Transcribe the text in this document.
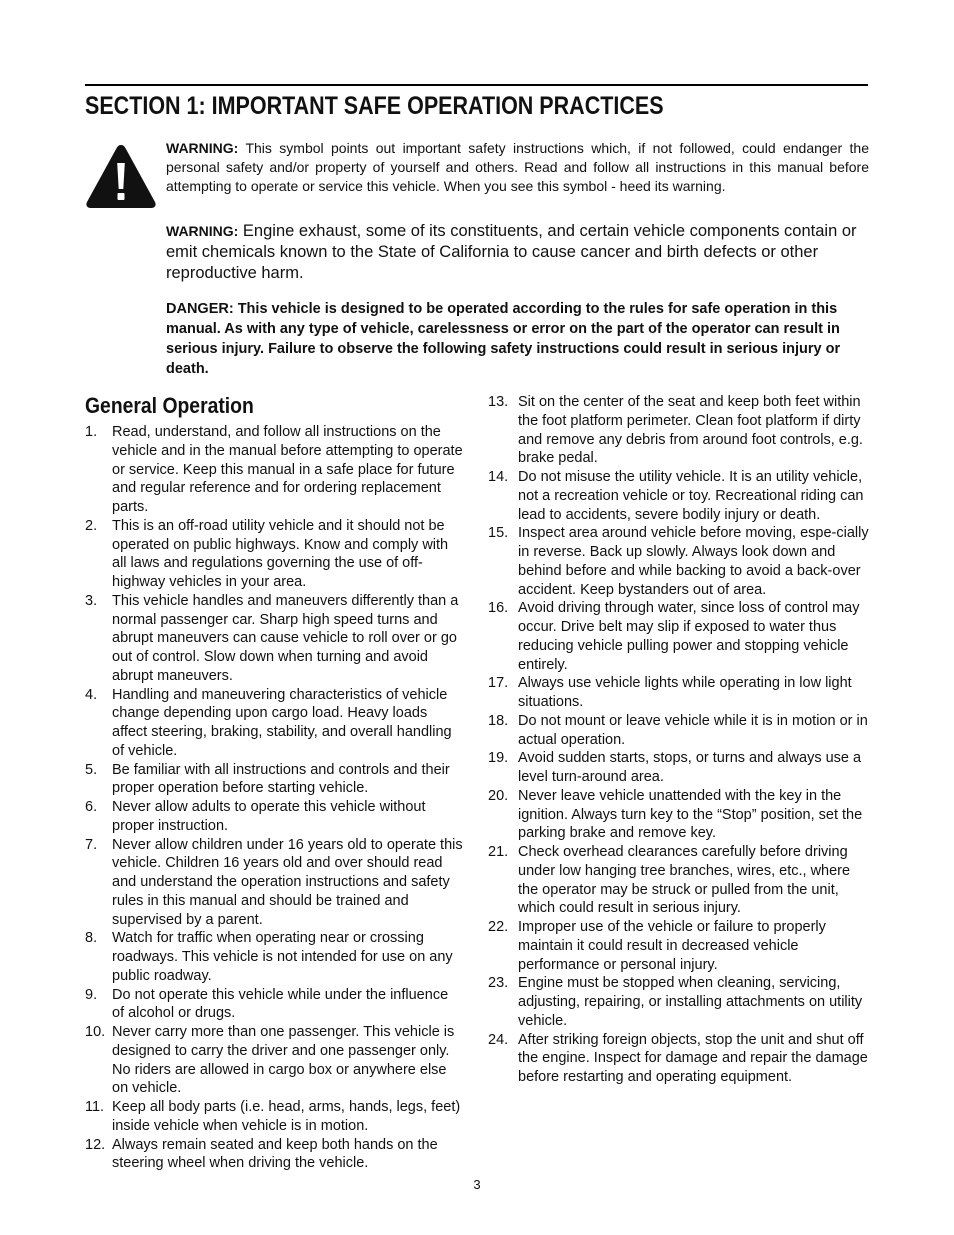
SECTION 1: IMPORTANT SAFE OPERATION PRACTICES

WARNING: This symbol points out important safety instructions which, if not followed, could endanger the personal safety and/or property of yourself and others. Read and follow all instructions in this manual before attempting to operate or service this vehicle. When you see this symbol - heed its warning.

WARNING: Engine exhaust, some of its constituents, and certain vehicle components contain or emit chemicals known to the State of California to cause cancer and birth defects or other reproductive harm.

DANGER: This vehicle is designed to be operated according to the rules for safe operation in this manual. As with any type of vehicle, carelessness or error on the part of the operator can result in serious injury. Failure to observe the following safety instructions could result in serious injury or death.

General Operation
1. Read, understand, and follow all instructions on the vehicle and in the manual before attempting to operate or service. Keep this manual in a safe place for future and regular reference and for ordering replacement parts.
2. This is an off-road utility vehicle and it should not be operated on public highways. Know and comply with all laws and regulations governing the use of off-highway vehicles in your area.
3. This vehicle handles and maneuvers differently than a normal passenger car. Sharp high speed turns and abrupt maneuvers can cause vehicle to roll over or go out of control. Slow down when turning and avoid abrupt maneuvers.
4. Handling and maneuvering characteristics of vehicle change depending upon cargo load. Heavy loads affect steering, braking, stability, and overall handling of vehicle.
5. Be familiar with all instructions and controls and their proper operation before starting vehicle.
6. Never allow adults to operate this vehicle without proper instruction.
7. Never allow children under 16 years old to operate this vehicle. Children 16 years old and over should read and understand the operation instructions and safety rules in this manual and should be trained and supervised by a parent.
8. Watch for traffic when operating near or crossing roadways. This vehicle is not intended for use on any public roadway.
9. Do not operate this vehicle while under the influence of alcohol or drugs.
10. Never carry more than one passenger. This vehicle is designed to carry the driver and one passenger only. No riders are allowed in cargo box or anywhere else on vehicle.
11. Keep all body parts (i.e. head, arms, hands, legs, feet) inside vehicle when vehicle is in motion.
12. Always remain seated and keep both hands on the steering wheel when driving the vehicle.
13. Sit on the center of the seat and keep both feet within the foot platform perimeter. Clean foot platform if dirty and remove any debris from around foot controls, e.g. brake pedal.
14. Do not misuse the utility vehicle. It is an utility vehicle, not a recreation vehicle or toy. Recreational riding can lead to accidents, severe bodily injury or death.
15. Inspect area around vehicle before moving, espe-cially in reverse. Back up slowly. Always look down and behind before and while backing to avoid a back-over accident. Keep bystanders out of area.
16. Avoid driving through water, since loss of control may occur. Drive belt may slip if exposed to water thus reducing vehicle pulling power and stopping vehicle entirely.
17. Always use vehicle lights while operating in low light situations.
18. Do not mount or leave vehicle while it is in motion or in actual operation.
19. Avoid sudden starts, stops, or turns and always use a level turn-around area.
20. Never leave vehicle unattended with the key in the ignition. Always turn key to the “Stop” position, set the parking brake and remove key.
21. Check overhead clearances carefully before driving under low hanging tree branches, wires, etc., where the operator may be struck or pulled from the unit, which could result in serious injury.
22. Improper use of the vehicle or failure to properly maintain it could result in decreased vehicle performance or personal injury.
23. Engine must be stopped when cleaning, servicing, adjusting, repairing, or installing attachments on utility vehicle.
24. After striking foreign objects, stop the unit and shut off the engine. Inspect for damage and repair the damage before restarting and operating equipment.
3
